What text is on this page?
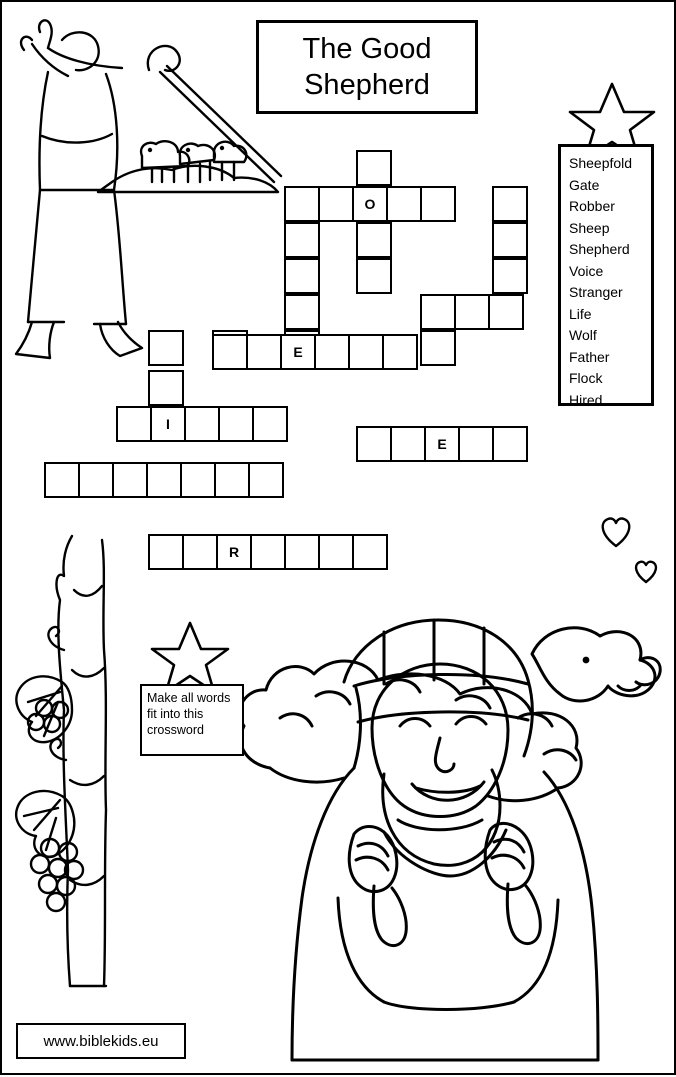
The Good
Shepherd
Sheepfold
Gate
Robber
Sheep
Shepherd
Voice
Stranger
Life
Wolf
Father
Flock
Hired
O
E
I
E
R
Make all words fit into this crossword
www.biblekids.eu
